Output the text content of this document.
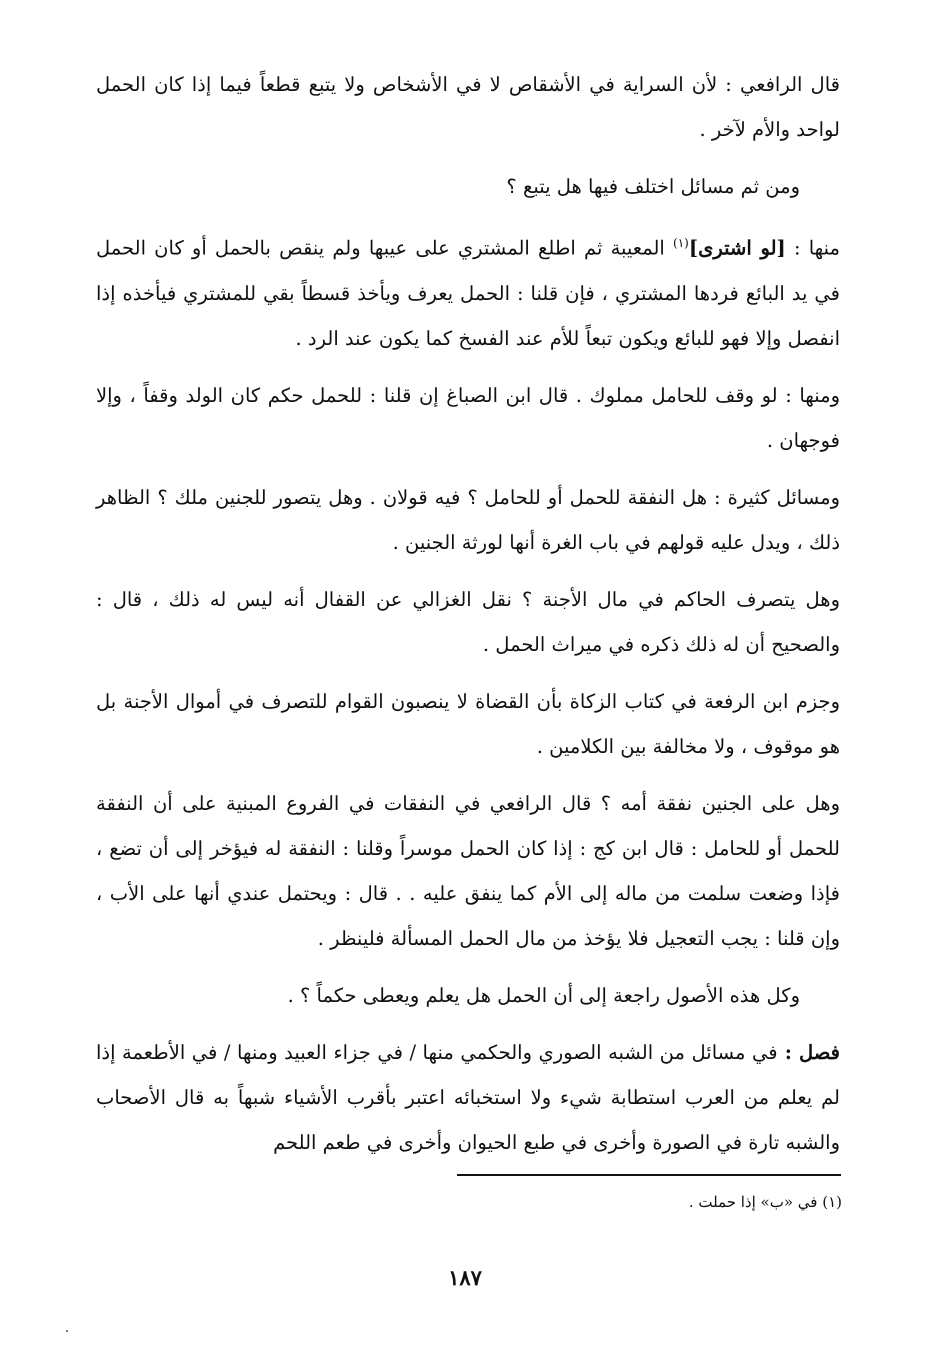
قال الرافعي : لأن السراية في الأشقاص لا في الأشخاص ولا يتبع قطعاً فيما إذا كان الحمل لواحد والأم لآخر .

ومن ثم مسائل اختلف فيها هل يتبع ؟

منها : [لو اشترى]$^{(١)}$ المعيبة ثم اطلع المشتري على عيبها ولم ينقص بالحمل أو كان الحمل في يد البائع فردها المشتري ، فإن قلنا : الحمل يعرف ويأخذ قسطاً بقي للمشتري فيأخذه إذا انفصل وإلا فهو للبائع ويكون تبعاً للأم عند الفسخ كما يكون عند الرد .

ومنها : لو وقف للحامل مملوك . قال ابن الصباغ إن قلنا : للحمل حكم كان الولد وقفاً ، وإلا فوجهان .

ومسائل كثيرة : هل النفقة للحمل أو للحامل ؟ فيه قولان . وهل يتصور للجنين ملك ؟ الظاهر ذلك ، ويدل عليه قولهم في باب الغرة أنها لورثة الجنين .

وهل يتصرف الحاكم في مال الأجنة ؟ نقل الغزالي عن القفال أنه ليس له ذلك ، قال : والصحيح أن له ذلك ذكره في ميراث الحمل .

وجزم ابن الرفعة في كتاب الزكاة بأن القضاة لا ينصبون القوام للتصرف في أموال الأجنة بل هو موقوف ، ولا مخالفة بين الكلامين .

وهل على الجنين نفقة أمه ؟ قال الرافعي في النفقات في الفروع المبنية على أن النفقة للحمل أو للحامل : قال ابن كج : إذا كان الحمل موسراً وقلنا : النفقة له فيؤخر إلى أن تضع ، فإذا وضعت سلمت من ماله إلى الأم كما ينفق عليه . . قال : ويحتمل عندي أنها على الأب ، وإن قلنا : يجب التعجيل فلا يؤخذ من مال الحمل المسألة فلينظر .

وكل هذه الأصول راجعة إلى أن الحمل هل يعلم ويعطى حكماً ؟ .

فصل : في مسائل من الشبه الصوري والحكمي منها / في جزاء العبيد ومنها / في الأطعمة إذا لم يعلم من العرب استطابة شيء ولا استخبائه اعتبر بأقرب الأشياء شبهاً به قال الأصحاب والشبه تارة في الصورة وأخرى في طبع الحيوان وأخرى في طعم اللحم

(١) في «ب» إذا حملت .
١٨٧
